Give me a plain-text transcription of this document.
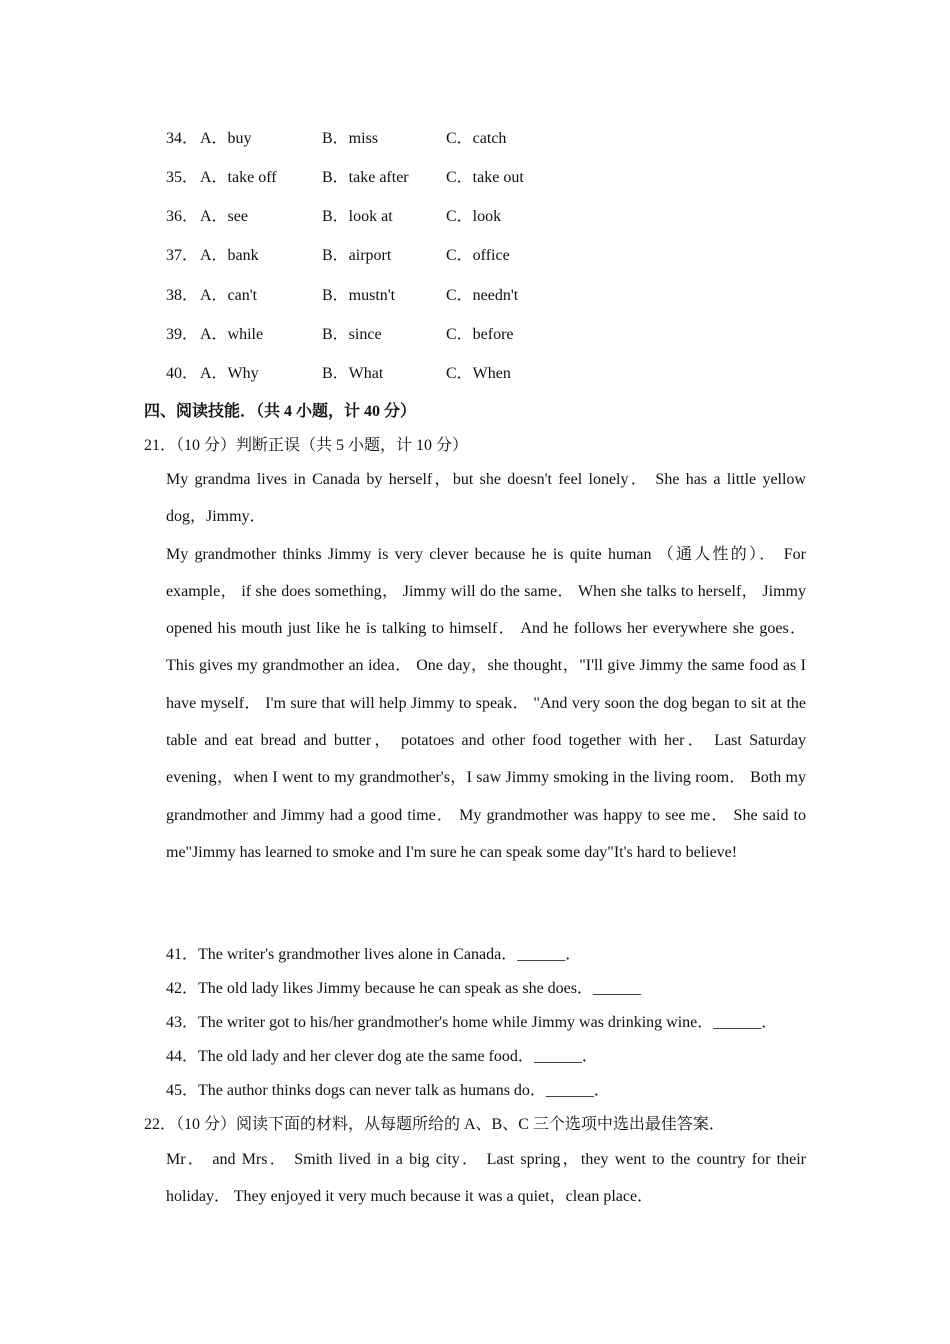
34． A．buy	B．miss	C．catch
35． A．take off	B．take after C．take out
36． A．see	B．look at	C．look
37． A．bank	B．airport	C．office
38． A．can't	B．mustn't	C．needn't
39． A．while	B．since	C．before
40． A．Why	B．What	C．When
四、阅读技能．（共 4 小题，计 40 分）
21．（10 分）判断正误（共 5 小题，计 10 分）

My grandma lives in Canada by herself，but she doesn't feel lonely． She has a little yellow dog，Jimmy．

My grandmother thinks Jimmy is very clever because he is quite human （通人性的）． For example， if she does something， Jimmy will do the same． When she talks to herself， Jimmy opened his mouth just like he is talking to himself． And he follows her everywhere she goes． This gives my grandmother an idea． One day，she thought，"I'll give Jimmy the same food as I have myself． I'm sure that will help Jimmy to speak． "And very soon the dog began to sit at the table and eat bread and butter， potatoes and other food together with her． Last Saturday evening，when I went to my grandmother's，I saw Jimmy smoking in the living room． Both my grandmother and Jimmy had a good time． My grandmother was happy to see me． She said to me"Jimmy has learned to smoke and I'm sure he can speak some day"It's hard to believe!

41．The writer's grandmother lives alone in Canada．______．
42．The old lady likes Jimmy because he can speak as she does．______
43．The writer got to his/her grandmother's home while Jimmy was drinking wine．______．
44．The old lady and her clever dog ate the same food．______．
45．The author thinks dogs can never talk as humans do．______．
22．（10 分）阅读下面的材料，从每题所给的 A、B、C 三个选项中选出最佳答案．

Mr． and Mrs． Smith lived in a big city． Last spring，they went to the country for their holiday． They enjoyed it very much because it was a quiet，clean place．
